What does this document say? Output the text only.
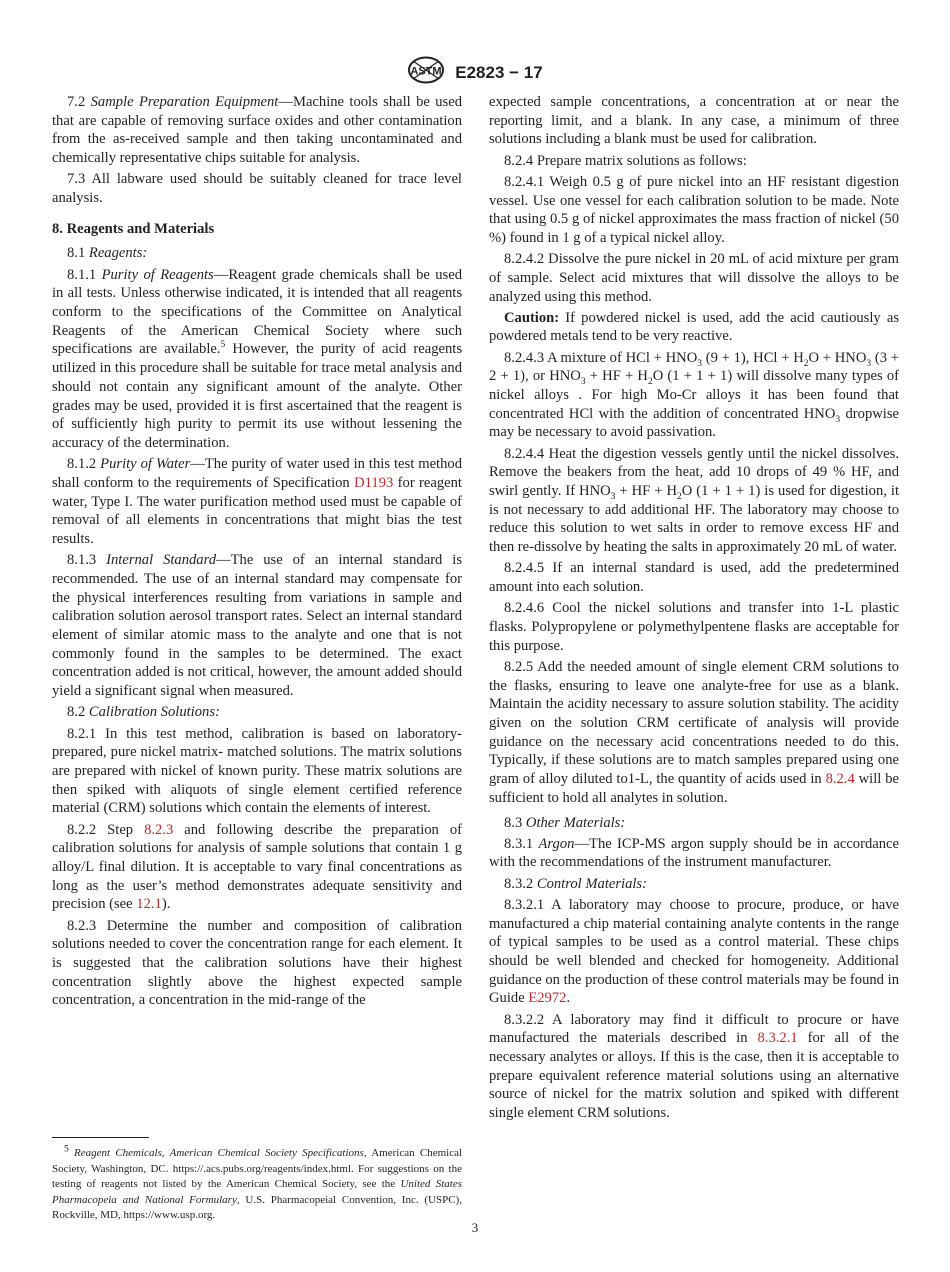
ASTM E2823 − 17

7.2 Sample Preparation Equipment—Machine tools shall be used that are capable of removing surface oxides and other contamination from the as-received sample and then taking uncontaminated and chemically representative chips suitable for analysis.

7.3 All labware used should be suitably cleaned for trace level analysis.

8. Reagents and Materials

8.1 Reagents:

8.1.1 Purity of Reagents—Reagent grade chemicals shall be used in all tests. Unless otherwise indicated, it is intended that all reagents conform to the specifications of the Committee on Analytical Reagents of the American Chemical Society where such specifications are available.$^5$ However, the purity of acid reagents utilized in this procedure shall be suitable for trace metal analysis and should not contain any significant amount of the analyte. Other grades may be used, provided it is first ascertained that the reagent is of sufficiently high purity to permit its use without lessening the accuracy of the determination.

8.1.2 Purity of Water—The purity of water used in this test method shall conform to the requirements of Specification D1193 for reagent water, Type I. The water purification method used must be capable of removal of all elements in concentrations that might bias the test results.

8.1.3 Internal Standard—The use of an internal standard is recommended. The use of an internal standard may compensate for the physical interferences resulting from variations in sample and calibration solution aerosol transport rates. Select an internal standard element of similar atomic mass to the analyte and one that is not commonly found in the samples to be determined. The exact concentration added is not critical, however, the amount added should yield a significant signal when measured.

8.2 Calibration Solutions:

8.2.1 In this test method, calibration is based on laboratory-prepared, pure nickel matrix- matched solutions. The matrix solutions are prepared with nickel of known purity. These matrix solutions are then spiked with aliquots of single element certified reference material (CRM) solutions which contain the elements of interest.

8.2.2 Step 8.2.3 and following describe the preparation of calibration solutions for analysis of sample solutions that contain 1 g alloy/L final dilution. It is acceptable to vary final concentrations as long as the user’s method demonstrates adequate sensitivity and precision (see 12.1).

8.2.3 Determine the number and composition of calibration solutions needed to cover the concentration range for each element. It is suggested that the calibration solutions have their highest concentration slightly above the highest expected sample concentration, a concentration in the mid-range of the

expected sample concentrations, a concentration at or near the reporting limit, and a blank. In any case, a minimum of three solutions including a blank must be used for calibration.

8.2.4 Prepare matrix solutions as follows:

8.2.4.1 Weigh 0.5 g of pure nickel into an HF resistant digestion vessel. Use one vessel for each calibration solution to be made. Note that using 0.5 g of nickel approximates the mass fraction of nickel (50 %) found in 1 g of a typical nickel alloy.

8.2.4.2 Dissolve the pure nickel in 20 mL of acid mixture per gram of sample. Select acid mixtures that will dissolve the alloys to be analyzed using this method.

Caution: If powdered nickel is used, add the acid cautiously as powdered metals tend to be very reactive.

8.2.4.3 A mixture of HCl + $HNO_3$ (9 + 1), HCl + $H_2O + HNO_3$ (3 + 2 + 1), or $HNO_3$ + HF + $H_2O$ (1 + 1 + 1) will dissolve many types of nickel alloys . For high Mo-Cr alloys it has been found that concentrated HCl with the addition of concentrated $HNO_3$ dropwise may be necessary to avoid passivation.

8.2.4.4 Heat the digestion vessels gently until the nickel dissolves. Remove the beakers from the heat, add 10 drops of 49 % HF, and swirl gently. If $HNO_3$ + HF + $H_2O$ (1 + 1 + 1) is used for digestion, it is not necessary to add additional HF. The laboratory may choose to reduce this solution to wet salts in order to remove excess HF and then re-dissolve by heating the salts in approximately 20 mL of water.

8.2.4.5 If an internal standard is used, add the predetermined amount into each solution.

8.2.4.6 Cool the nickel solutions and transfer into 1-L plastic flasks. Polypropylene or polymethylpentene flasks are acceptable for this purpose.

8.2.5 Add the needed amount of single element CRM solutions to the flasks, ensuring to leave one analyte-free for use as a blank. Maintain the acidity necessary to assure solution stability. The acidity given on the solution CRM certificate of analysis will provide guidance on the necessary acid concentrations needed to do this. Typically, if these solutions are to match samples prepared using one gram of alloy diluted to1-L, the quantity of acids used in 8.2.4 will be sufficient to hold all analytes in solution.

8.3 Other Materials:

8.3.1 Argon—The ICP-MS argon supply should be in accordance with the recommendations of the instrument manufacturer.

8.3.2 Control Materials:

8.3.2.1 A laboratory may choose to procure, produce, or have manufactured a chip material containing analyte contents in the range of typical samples to be used as a control material. These chips should be well blended and checked for homogeneity. Additional guidance on the production of these control materials may be found in Guide E2972.

8.3.2.2 A laboratory may find it difficult to procure or have manufactured the materials described in 8.3.2.1 for all of the necessary analytes or alloys. If this is the case, then it is acceptable to prepare equivalent reference material solutions using an alternative source of nickel for the matrix solution and spiked with different single element CRM solutions.

$^5$ Reagent Chemicals, American Chemical Society Specifications, American Chemical Society, Washington, DC. https://.acs.pubs.org/reagents/index.html. For suggestions on the testing of reagents not listed by the American Chemical Society, see the United States Pharmacopeia and National Formulary, U.S. Pharmacopeial Convention, Inc. (USPC), Rockville, MD, https://www.usp.org.
3
